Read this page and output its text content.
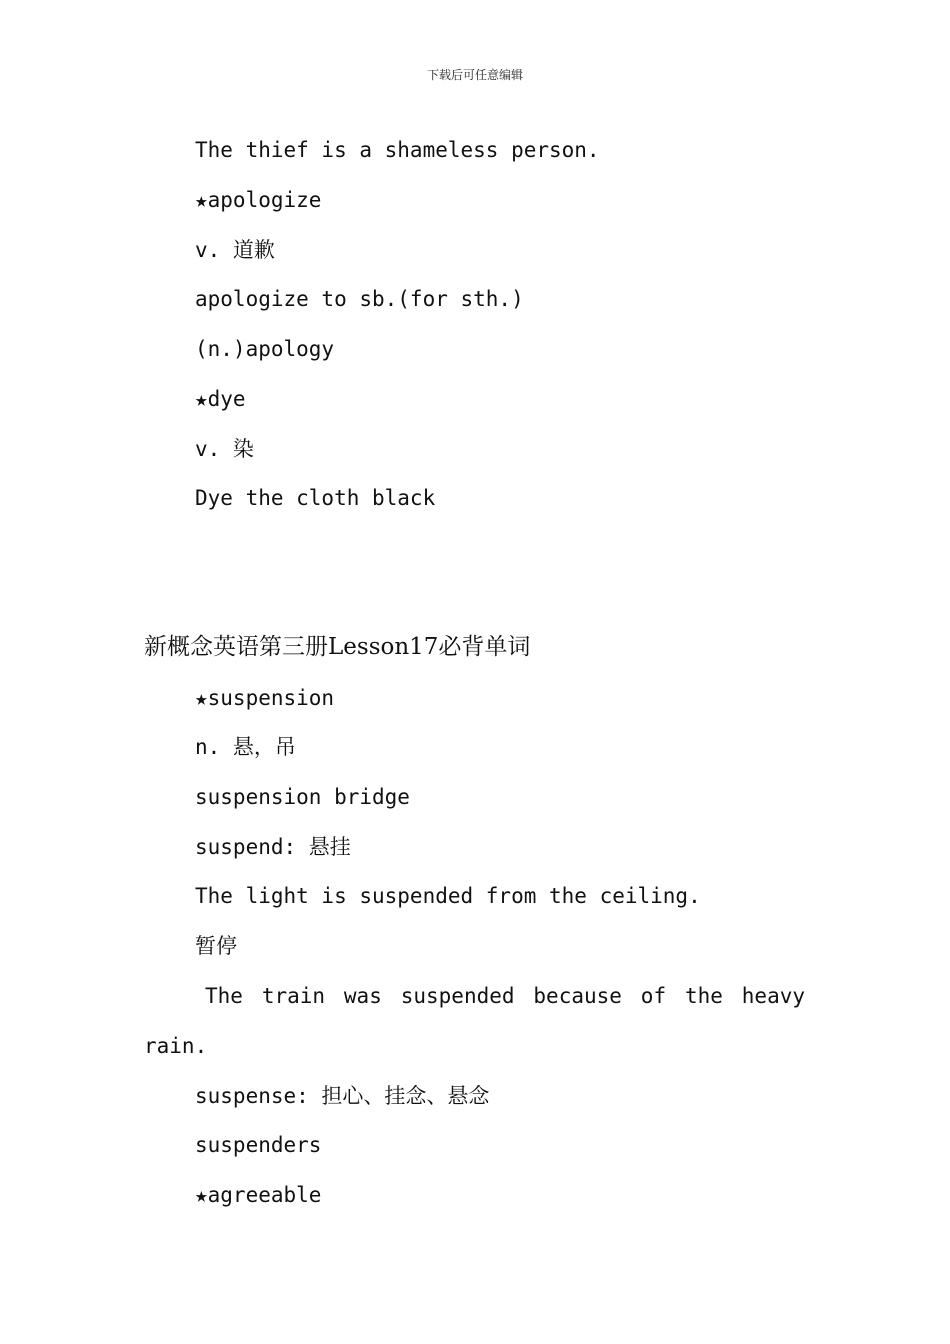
下载后可任意编辑
The thief is a shameless person.
★apologize
v. 道歉
apologize to sb.(for sth.)
(n.)apology
★dye
v. 染
Dye the cloth black
新概念英语第三册Lesson17必背单词
★suspension
n. 悬，吊
suspension bridge
suspend: 悬挂
The light is suspended from the ceiling.
暂停
The train was suspended because of the heavy
rain.
suspense: 担心、挂念、悬念
suspenders
★agreeable
